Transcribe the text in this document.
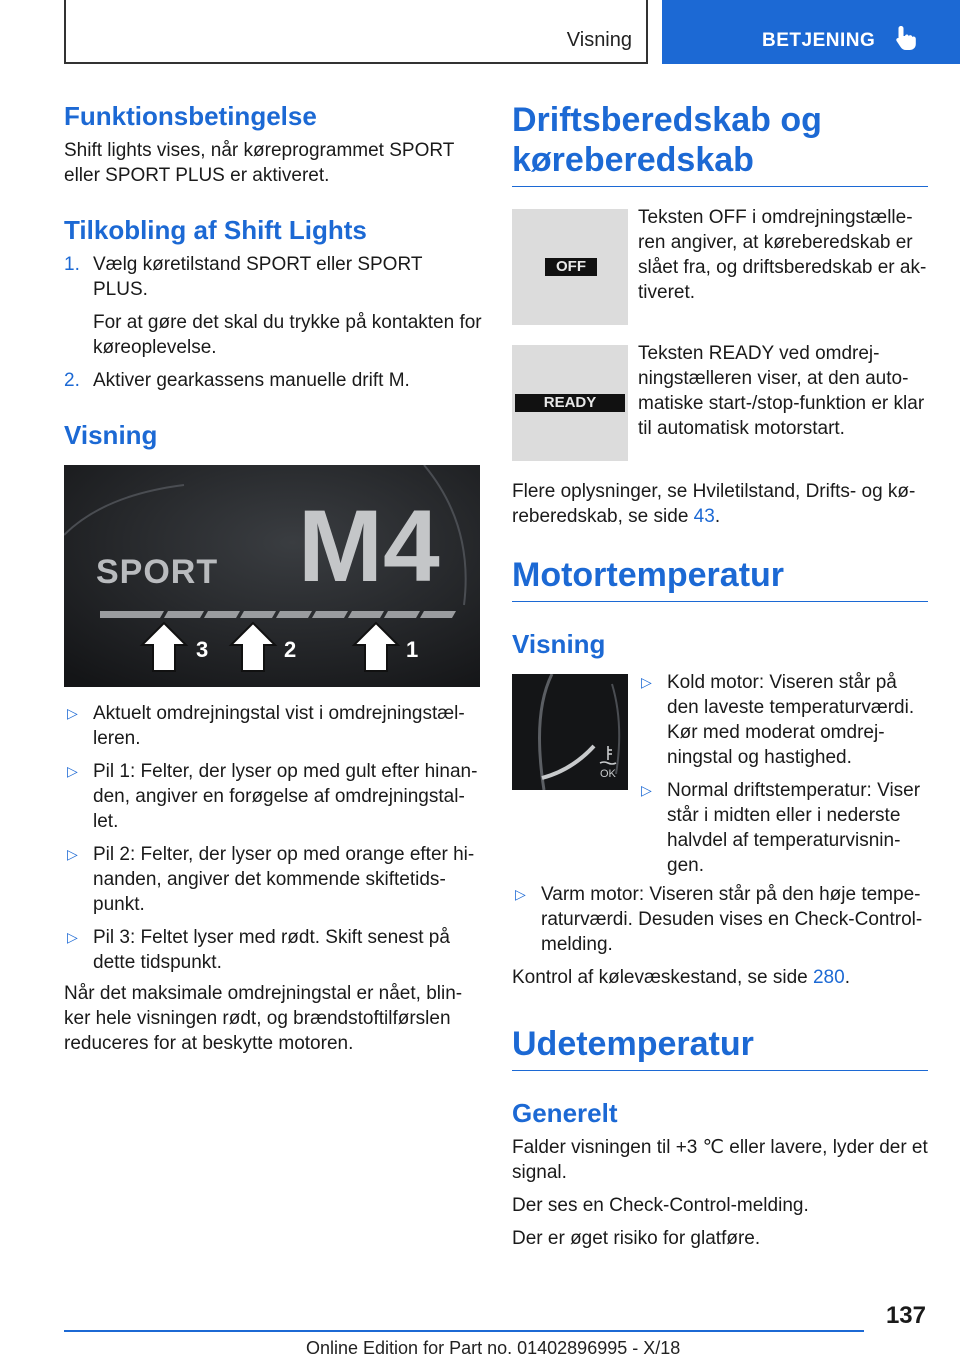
Visning	BETJENING
Funktionsbetingelse

Shift lights vises, når køreprogrammet SPORT eller SPORT PLUS er aktiveret.

Tilkobling af Shift Lights
1. Vælg køretilstand SPORT eller SPORT PLUS.
For at gøre det skal du trykke på kontakten for køreoplevelse.
2. Aktiver gearkassens manuelle drift M.
Visning
SPORT M4
3	2	1
▷ Aktuelt omdrejningstal vist i omdrejningstælleren.
▷ Pil 1: Felter, der lyser op med gult efter hinanden, angiver en forøgelse af omdrejningstallet.
▷ Pil 2: Felter, der lyser op med orange efter hinanden, angiver det kommende skiftetidspunkt.
▷ Pil 3: Feltet lyser med rødt. Skift senest på dette tidspunkt.

Når det maksimale omdrejningstal er nået, blinker hele visningen rødt, og brændstoftilførslen reduceres for at beskytte motoren.

Driftsberedskab og køreberedskab
OFF

Teksten OFF i omdrejningstælleren angiver, at køreberedskab er slået fra, og driftsberedskab er aktiveret.

READY

Teksten READY ved omdrejningstælleren viser, at den automatiske start-/stop-funktion er klar til automatisk motorstart.

Flere oplysninger, se Hviletilstand, Drifts- og køreberedskab, se side 43.

Motortemperatur
Visning
OK
▷ Kold motor: Viseren står på den laveste temperaturværdi. Kør med moderat omdrejningstal og hastighed.
▷ Normal driftstemperatur: Viser står i midten eller i nederste halvdel af temperaturvisningen.
▷ Varm motor: Viseren står på den høje temperaturværdi. Desuden vises en Check-Control-melding.

Kontrol af kølevæskestand, se side 280.

Udetemperatur
Generelt

Falder visningen til +3 ℃ eller lavere, lyder der et signal.

Der ses en Check-Control-melding.

Der er øget risiko for glatføre.

137
Online Edition for Part no. 01402896995 - X/18
